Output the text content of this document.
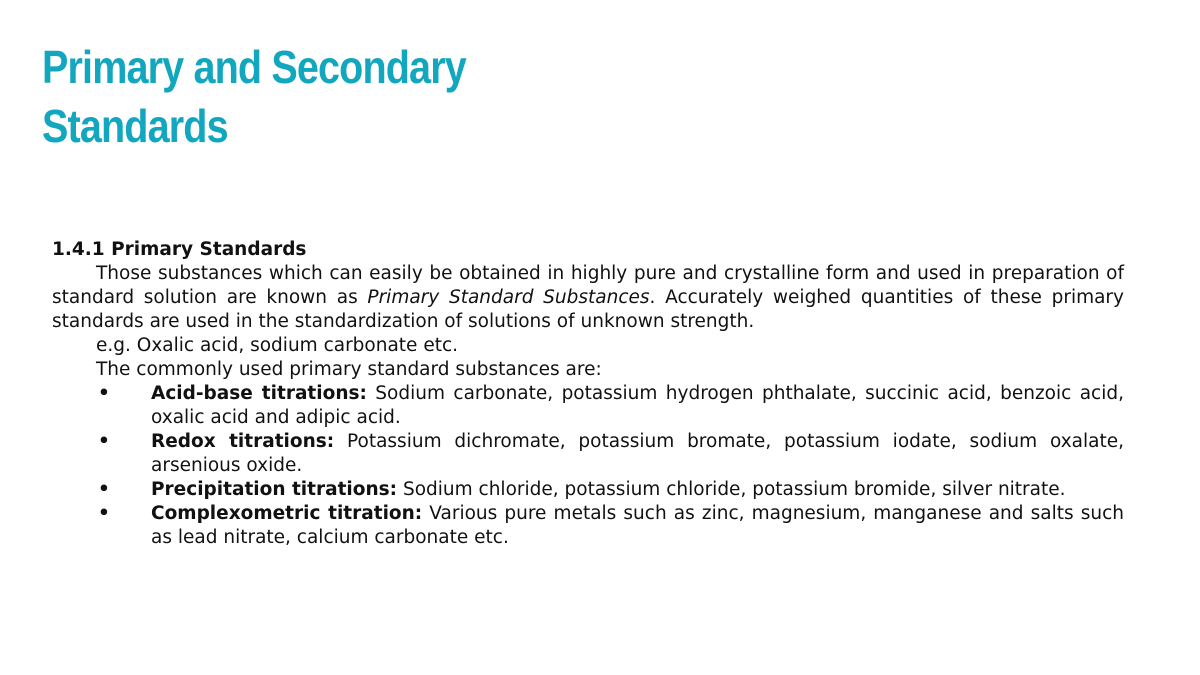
Primary and Secondary
Standards

1.4.1 Primary Standards

Those substances which can easily be obtained in highly pure and crystalline form and used in preparation of standard solution are known as Primary Standard Substances. Accurately weighed quantities of these primary standards are used in the standardization of solutions of unknown strength.

e.g. Oxalic acid, sodium carbonate etc.

The commonly used primary standard substances are:

• Acid-base titrations: Sodium carbonate, potassium hydrogen phthalate, succinic acid, benzoic acid, oxalic acid and adipic acid.
• Redox titrations: Potassium dichromate, potassium bromate, potassium iodate, sodium oxalate, arsenious oxide.
• Precipitation titrations: Sodium chloride, potassium chloride, potassium bromide, silver nitrate.
• Complexometric titration: Various pure metals such as zinc, magnesium, manganese and salts such as lead nitrate, calcium carbonate etc.
